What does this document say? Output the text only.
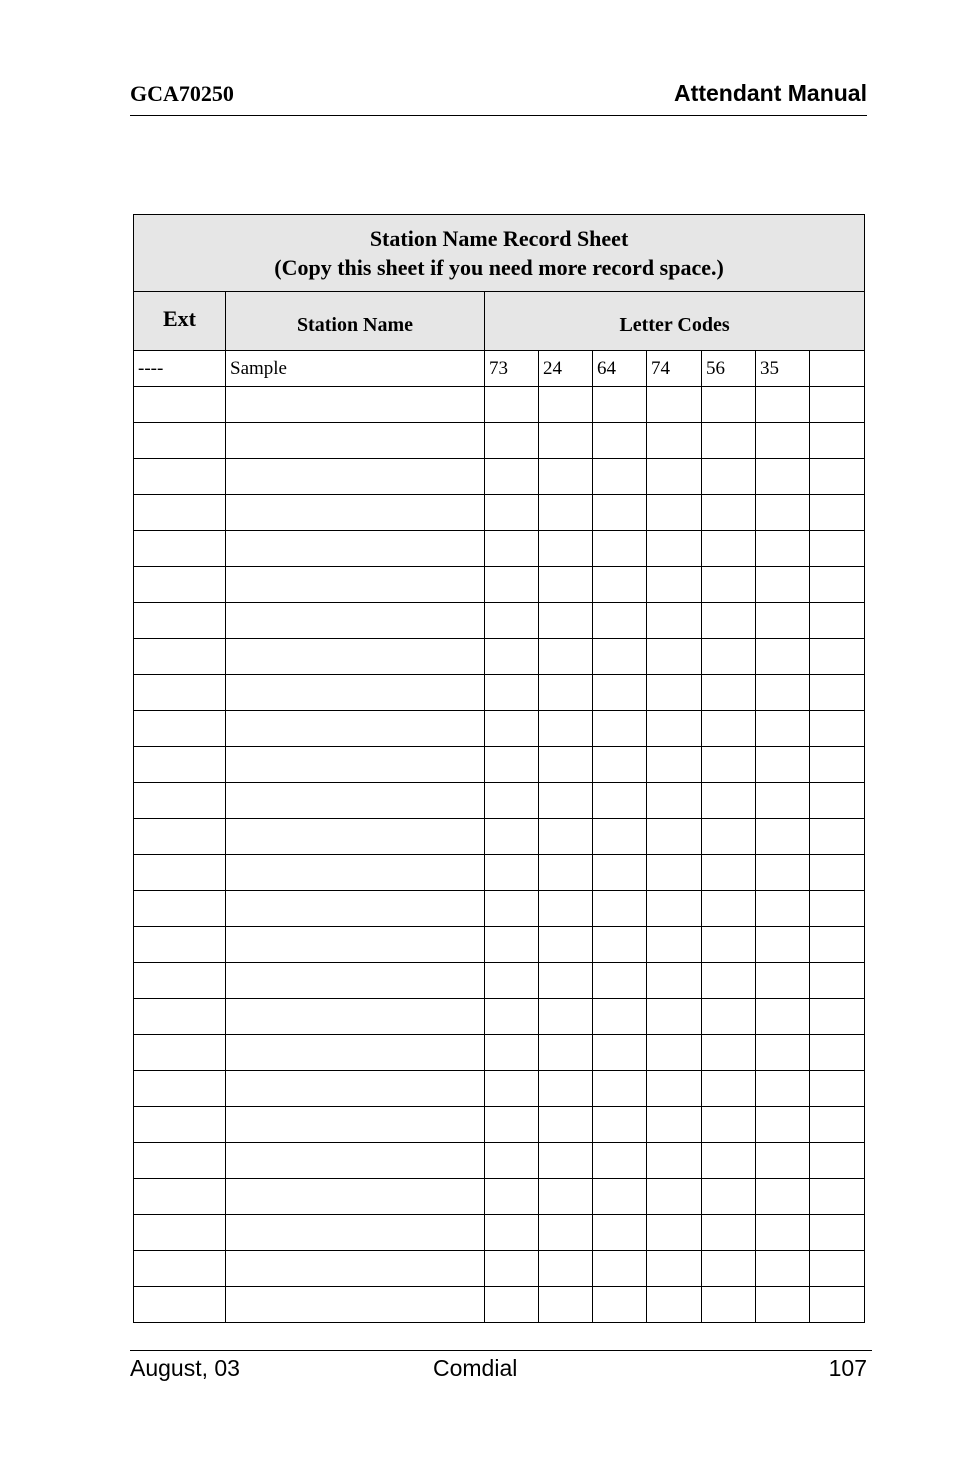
GCA70250	Attendant Manual
Station Name Record Sheet
(Copy this sheet if you need more record space.)								

Ext	Station Name	Letter Codes						
----	Sample	73	24	64	74	56	35	

August, 03	Comdial	107
